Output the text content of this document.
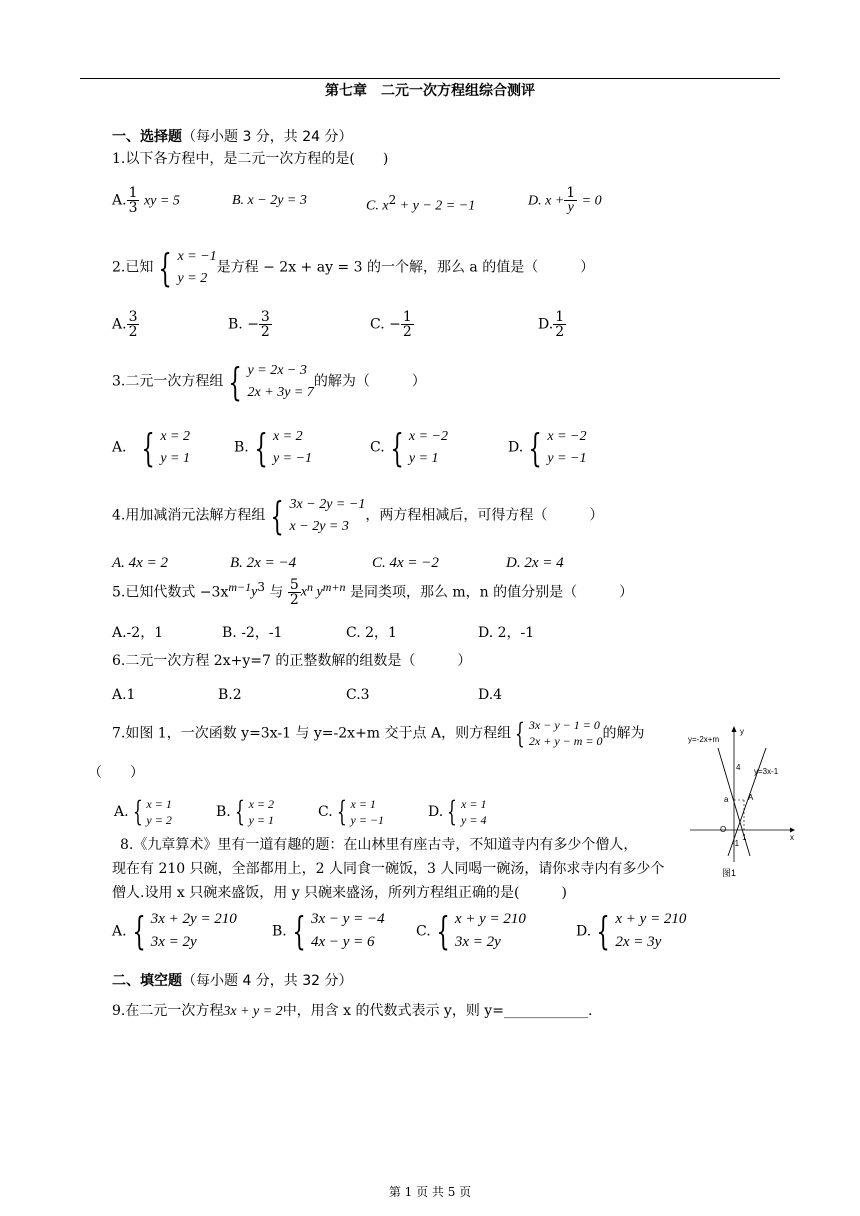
第七章　二元一次方程组综合测评
一、选择题（每小题 3 分，共 24 分）
1.以下各方程中，是二元一次方程的是(　　)
A. $\frac{1}{3}$ xy = 5	B. x − 2y = 3	C. $x^2 + y - 2 = -1$	D. $x + \frac{1}{y} = 0$
2.已知 { x = −1
y = 2是方程 − 2x + ay = 3 的一个解，那么 a 的值是（　　　）
A. $\frac{3}{2}$	B. − $\frac{3}{2}$	C. − $\frac{1}{2}$	D. $\frac{1}{2}$
3.二元一次方程组 { y = 2x − 3
2x + 3y = 7的解为（　　　）
A． { x = 2
y = 1
B. { x = 2
y = −1
C. { x = −2
y = 1
D. { x = −2
y = −1
4.用加减消元法解方程组 { 3x − 2y = −1
x − 2y = 3，两方程相减后，可得方程（　　　）
A. 4x = 2	B. 2x = −4	C. 4x = −2	D. 2x = 4
5.已知代数式 $-3x^{m-1}y^3$ 与 $\frac{5}{2} x^n$ $y^{m+n}$ 是同类项，那么 m，n 的值分别是（　　　）
A.-2，1	B. -2，-1	C. 2，1	D. 2，-1
6.二元一次方程 2x+y=7 的正整数解的组数是（　　　）
A.1	B.2	C.3	D.4
7.如图 1，一次函数 y=3x-1 与 y=-2x+m 交于点 A，则方程组 { 3x − y − 1 = 0
2x + y − m = 0的解为
（　　）
A. { x = 1
y = 2	B. { x = 2
y = 1	C. { x = 1
y = −1	D. { x = 1
y = 4
y=-2x+m
y=3x-1
y
x
4
a A
O
1
-1
图1
8.《九章算术》里有一道有趣的题：在山林里有座古寺，不知道寺内有多少个僧人，
现在有 210 只碗，全部都用上，2 人同食一碗饭，3 人同喝一碗汤，请你求寺内有多少个
僧人.设用 x 只碗来盛饭，用 y 只碗来盛汤，所列方程组正确的是(　　　)
A. { 3x + 2y = 210
3x = 2y
B. { 3x − y = −4
4x − y = 6
C. { x + y = 210
3x = 2y
D. { x + y = 210
2x = 3y
二、填空题（每小题 4 分，共 32 分）
9.在二元一次方程3x + y = 2中，用含 x 的代数式表示 y，则 y=____________.
第 1 页 共 5 页
